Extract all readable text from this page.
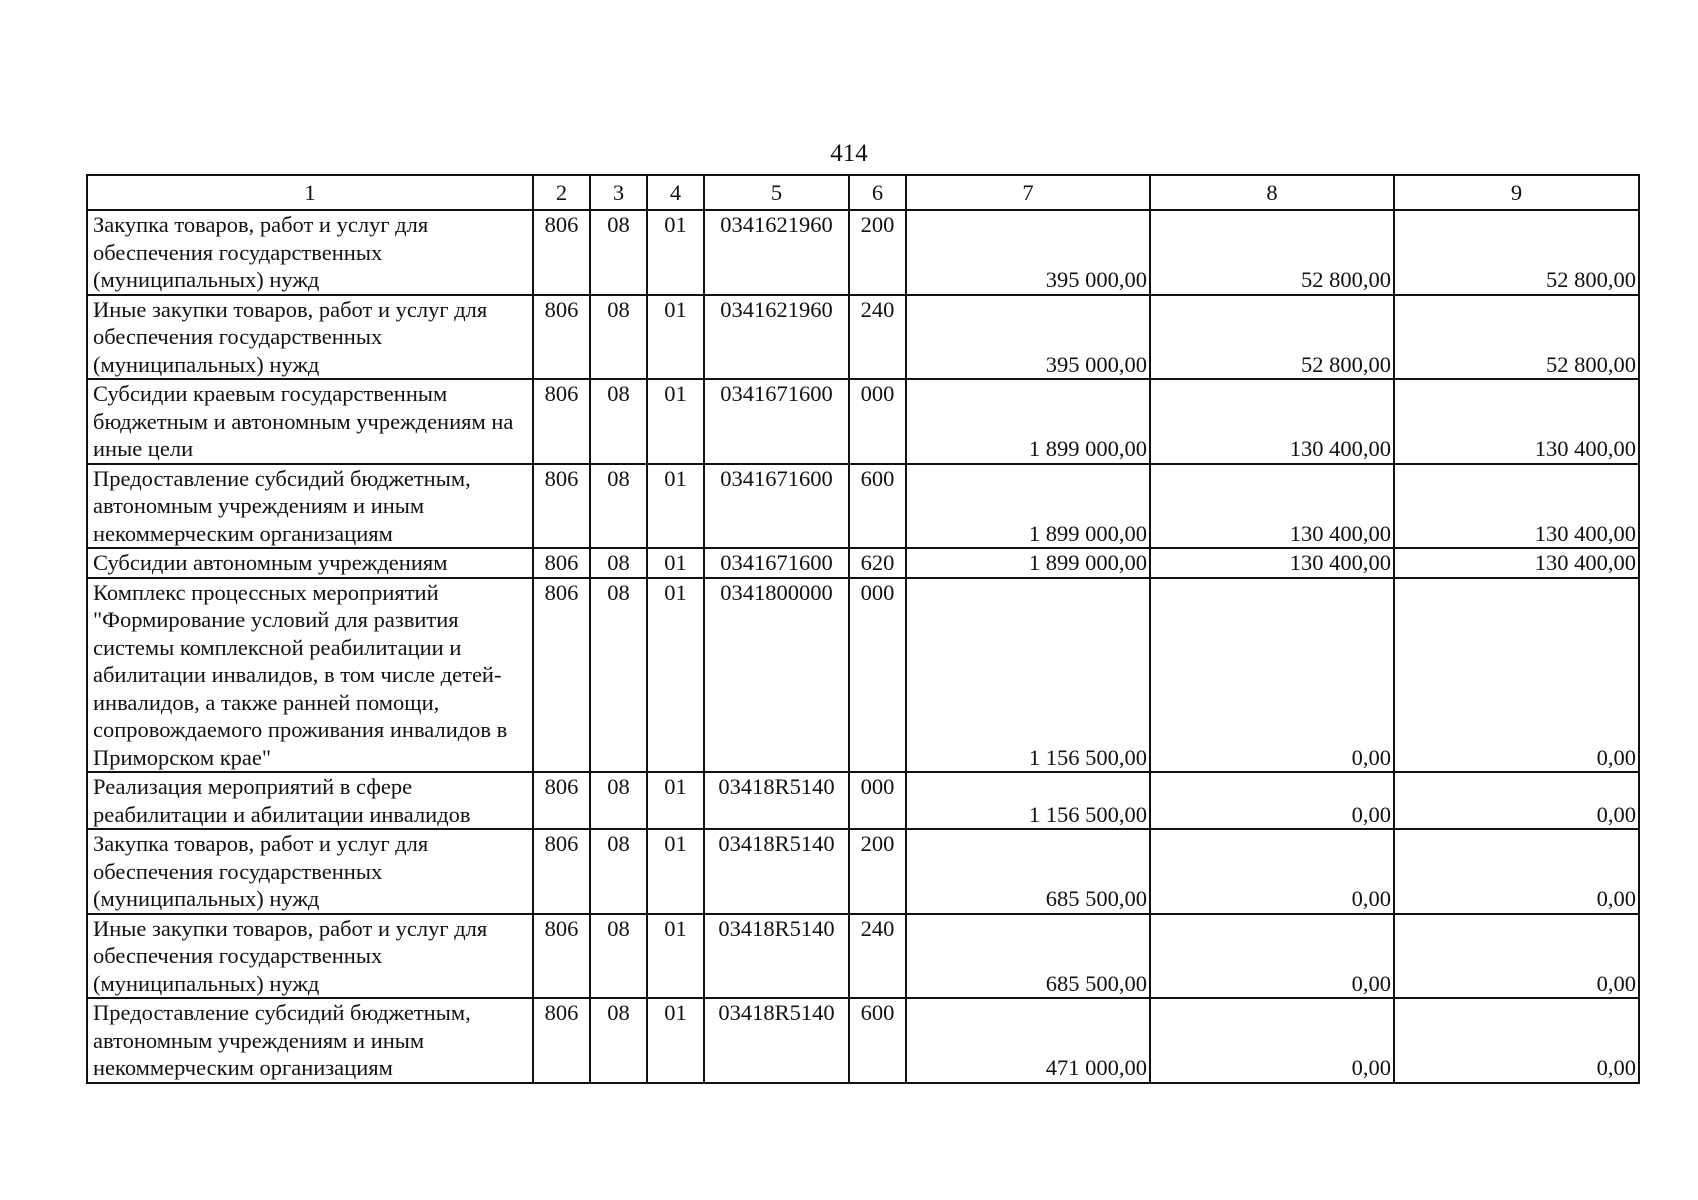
414
1	2	3	4	5	6	7	8	9
Закупка товаров, работ и услуг для обеспечения государственных (муниципальных) нужд	806	08	01	0341621960	200	395 000,00	52 800,00	52 800,00
Иные закупки товаров, работ и услуг для обеспечения государственных (муниципальных) нужд	806	08	01	0341621960	240	395 000,00	52 800,00	52 800,00
Субсидии краевым государственным бюджетным и автономным учреждениям на иные цели	806	08	01	0341671600	000	1 899 000,00	130 400,00	130 400,00
Предоставление субсидий бюджетным, автономным учреждениям и иным некоммерческим организациям	806	08	01	0341671600	600	1 899 000,00	130 400,00	130 400,00
Субсидии автономным учреждениям	806	08	01	0341671600	620	1 899 000,00	130 400,00	130 400,00
Комплекс процессных мероприятий "Формирование условий для развития системы комплексной реабилитации и абилитации инвалидов, в том числе детей-инвалидов, а также ранней помощи, сопровождаемого проживания инвалидов в Приморском крае"	806	08	01	0341800000	000	1 156 500,00	0,00	0,00
Реализация мероприятий в сфере реабилитации и абилитации инвалидов	806	08	01	03418R5140	000	1 156 500,00	0,00	0,00
Закупка товаров, работ и услуг для обеспечения государственных (муниципальных) нужд	806	08	01	03418R5140	200	685 500,00	0,00	0,00
Иные закупки товаров, работ и услуг для обеспечения государственных (муниципальных) нужд	806	08	01	03418R5140	240	685 500,00	0,00	0,00
Предоставление субсидий бюджетным, автономным учреждениям и иным некоммерческим организациям	806	08	01	03418R5140	600	471 000,00	0,00	0,00
